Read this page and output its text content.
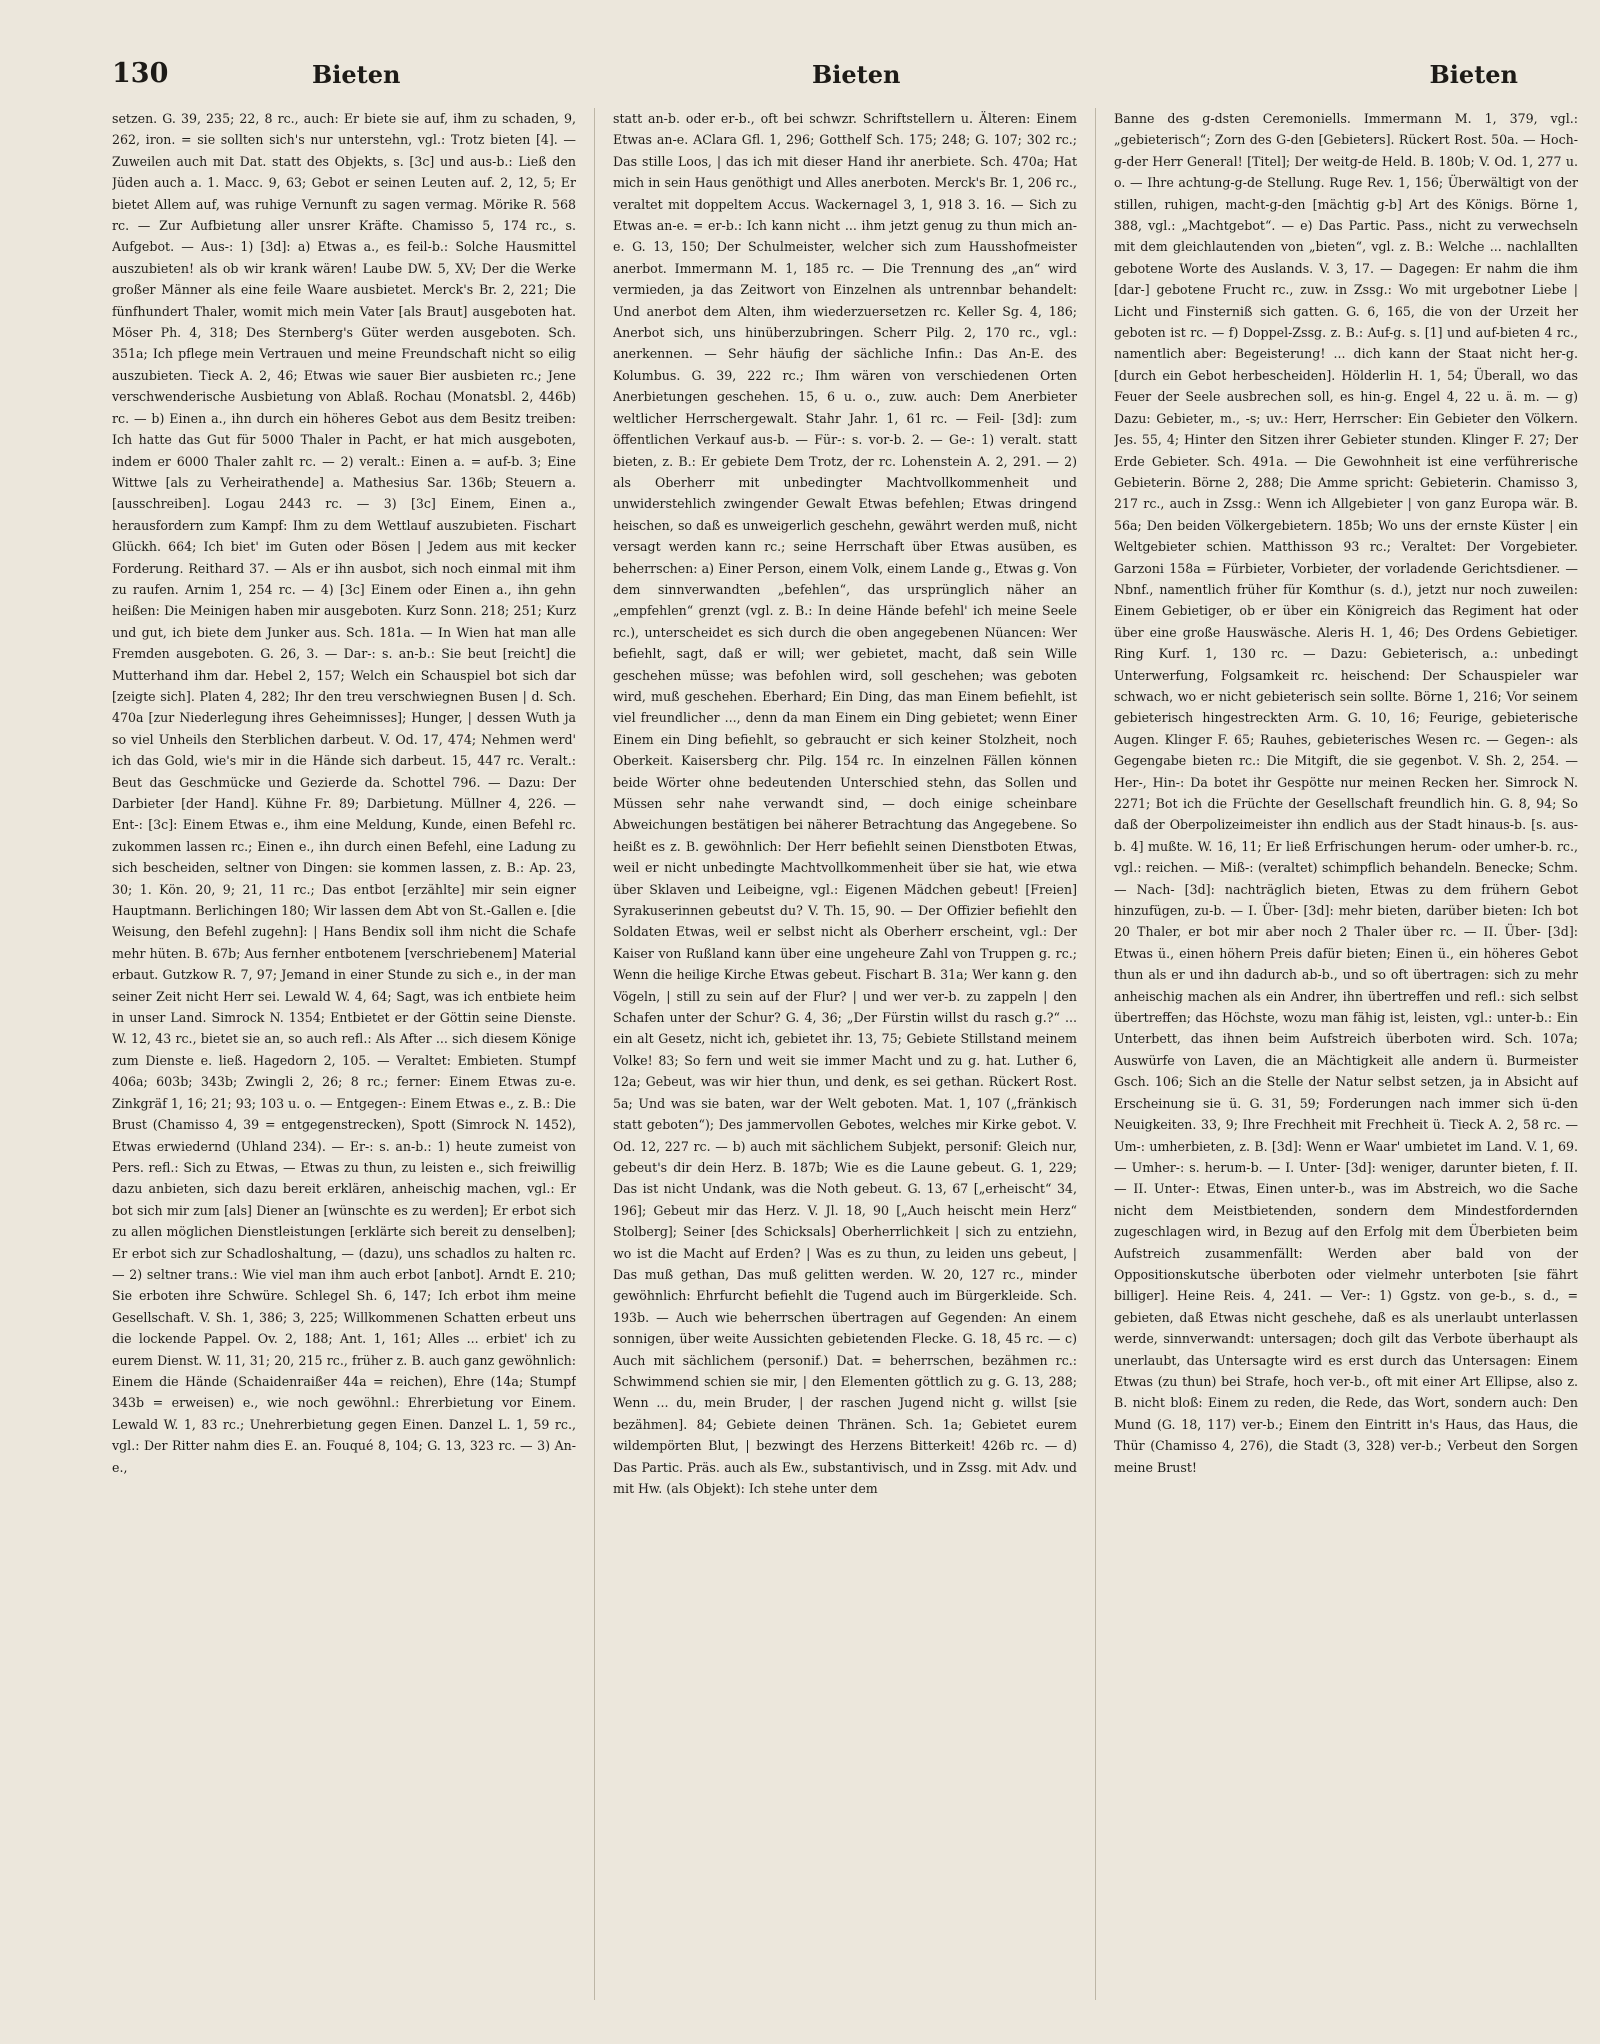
130	Bieten	Bieten	Bieten

setzen. G. 39, 235; 22, 8 rc., auch: Er biete sie auf, ihm zu schaden, 9, 262, iron. = sie sollten sich's nur unterstehn, vgl.: Trotz bieten [4]. — Zuweilen auch mit Dat. statt des Objekts, s. [3c] und aus-b.: Ließ den Jüden auch a. 1. Macc. 9, 63; Gebot er seinen Leuten auf. 2, 12, 5; Er bietet Allem auf, was ruhige Vernunft zu sagen vermag. Mörike R. 568 rc. — Zur Aufbietung aller unsrer Kräfte. Chamisso 5, 174 rc., s. Aufgebot. — Aus-: 1) [3d]: a) Etwas a., es feil-b.: Solche Hausmittel auszubieten! als ob wir krank wären! Laube DW. 5, XV; Der die Werke großer Männer als eine feile Waare ausbietet. Merck's Br. 2, 221; Die fünfhundert Thaler, womit mich mein Vater [als Braut] ausgeboten hat. Möser Ph. 4, 318; Des Sternberg's Güter werden ausgeboten. Sch. 351a; Ich pflege mein Vertrauen und meine Freundschaft nicht so eilig auszubieten. Tieck A. 2, 46; Etwas wie sauer Bier ausbieten rc.; Jene verschwenderische Ausbietung von Ablaß. Rochau (Monatsbl. 2, 446b) rc. — b) Einen a., ihn durch ein höheres Gebot aus dem Besitz treiben: Ich hatte das Gut für 5000 Thaler in Pacht, er hat mich ausgeboten, indem er 6000 Thaler zahlt rc. — 2) veralt.: Einen a. = auf-b. 3; Eine Wittwe [als zu Verheirathende] a. Mathesius Sar. 136b; Steuern a. [ausschreiben]. Logau 2443 rc. — 3) [3c] Einem, Einen a., herausfordern zum Kampf: Ihm zu dem Wettlauf auszubieten. Fischart Glückh. 664; Ich biet' im Guten oder Bösen | Jedem aus mit kecker Forderung. Reithard 37. — Als er ihn ausbot, sich noch einmal mit ihm zu raufen. Arnim 1, 254 rc. — 4) [3c] Einem oder Einen a., ihn gehn heißen: Die Meinigen haben mir ausgeboten. Kurz Sonn. 218; 251; Kurz und gut, ich biete dem Junker aus. Sch. 181a. — In Wien hat man alle Fremden ausgeboten. G. 26, 3. — Dar-: s. an-b.: Sie beut [reicht] die Mutterhand ihm dar. Hebel 2, 157; Welch ein Schauspiel bot sich dar [zeigte sich]. Platen 4, 282; Ihr den treu verschwiegnen Busen | d. Sch. 470a [zur Niederlegung ihres Geheimnisses]; Hunger, | dessen Wuth ja so viel Unheils den Sterblichen darbeut. V. Od. 17, 474; Nehmen werd' ich das Gold, wie's mir in die Hände sich darbeut. 15, 447 rc. Veralt.: Beut das Geschmücke und Gezierde da. Schottel 796. — Dazu: Der Darbieter [der Hand]. Kühne Fr. 89; Darbietung. Müllner 4, 226. — Ent-: [3c]: Einem Etwas e., ihm eine Meldung, Kunde, einen Befehl rc. zukommen lassen rc.; Einen e., ihn durch einen Befehl, eine Ladung zu sich bescheiden, seltner von Dingen: sie kommen lassen, z. B.: Ap. 23, 30; 1. Kön. 20, 9; 21, 11 rc.; Das entbot [erzählte] mir sein eigner Hauptmann. Berlichingen 180; Wir lassen dem Abt von St.-Gallen e. [die Weisung, den Befehl zugehn]: | Hans Bendix soll ihm nicht die Schafe mehr hüten. B. 67b; Aus fernher entbotenem [verschriebenem] Material erbaut. Gutzkow R. 7, 97; Jemand in einer Stunde zu sich e., in der man seiner Zeit nicht Herr sei. Lewald W. 4, 64; Sagt, was ich entbiete heim in unser Land. Simrock N. 1354; Entbietet er der Göttin seine Dienste. W. 12, 43 rc., bietet sie an, so auch refl.: Als After ... sich diesem Könige zum Dienste e. ließ. Hagedorn 2, 105. — Veraltet: Embieten. Stumpf 406a; 603b; 343b; Zwingli 2, 26; 8 rc.; ferner: Einem Etwas zu-e. Zinkgräf 1, 16; 21; 93; 103 u. o. — Entgegen-: Einem Etwas e., z. B.: Die Brust (Chamisso 4, 39 = entgegenstrecken), Spott (Simrock N. 1452), Etwas erwiedernd (Uhland 234). — Er-: s. an-b.: 1) heute zumeist von Pers. refl.: Sich zu Etwas, — Etwas zu thun, zu leisten e., sich freiwillig dazu anbieten, sich dazu bereit erklären, anheischig machen, vgl.: Er bot sich mir zum [als] Diener an [wünschte es zu werden]; Er erbot sich zu allen möglichen Dienstleistungen [erklärte sich bereit zu denselben]; Er erbot sich zur Schadloshaltung, — (dazu), uns schadlos zu halten rc. — 2) seltner trans.: Wie viel man ihm auch erbot [anbot]. Arndt E. 210; Sie erboten ihre Schwüre. Schlegel Sh. 6, 147; Ich erbot ihm meine Gesellschaft. V. Sh. 1, 386; 3, 225; Willkommenen Schatten erbeut uns die lockende Pappel. Ov. 2, 188; Ant. 1, 161; Alles ... erbiet' ich zu eurem Dienst. W. 11, 31; 20, 215 rc., früher z. B. auch ganz gewöhnlich: Einem die Hände (Schaidenraißer 44a = reichen), Ehre (14a; Stumpf 343b = erweisen) e., wie noch gewöhnl.: Ehrerbietung vor Einem. Lewald W. 1, 83 rc.; Unehrerbietung gegen Einen. Danzel L. 1, 59 rc., vgl.: Der Ritter nahm dies E. an. Fouqué 8, 104; G. 13, 323 rc. — 3) An-e.,

statt an-b. oder er-b., oft bei schwzr. Schriftstellern u. Älteren: Einem Etwas an-e. AClara Gfl. 1, 296; Gotthelf Sch. 175; 248; G. 107; 302 rc.; Das stille Loos, | das ich mit dieser Hand ihr anerbiete. Sch. 470a; Hat mich in sein Haus genöthigt und Alles anerboten. Merck's Br. 1, 206 rc., veraltet mit doppeltem Accus. Wackernagel 3, 1, 918 3. 16. — Sich zu Etwas an-e. = er-b.: Ich kann nicht ... ihm jetzt genug zu thun mich an-e. G. 13, 150; Der Schulmeister, welcher sich zum Hausshofmeister anerbot. Immermann M. 1, 185 rc. — Die Trennung des „an“ wird vermieden, ja das Zeitwort von Einzelnen als untrennbar behandelt: Und anerbot dem Alten, ihm wiederzuersetzen rc. Keller Sg. 4, 186; Anerbot sich, uns hinüberzubringen. Scherr Pilg. 2, 170 rc., vgl.: anerkennen. — Sehr häufig der sächliche Infin.: Das An-E. des Kolumbus. G. 39, 222 rc.; Ihm wären von verschiedenen Orten Anerbietungen geschehen. 15, 6 u. o., zuw. auch: Dem Anerbieter weltlicher Herrschergewalt. Stahr Jahr. 1, 61 rc. — Feil- [3d]: zum öffentlichen Verkauf aus-b. — Für-: s. vor-b. 2. — Ge-: 1) veralt. statt bieten, z. B.: Er gebiete Dem Trotz, der rc. Lohenstein A. 2, 291. — 2) als Oberherr mit unbedingter Machtvollkommenheit und unwiderstehlich zwingender Gewalt Etwas befehlen; Etwas dringend heischen, so daß es unweigerlich geschehn, gewährt werden muß, nicht versagt werden kann rc.; seine Herrschaft über Etwas ausüben, es beherrschen: a) Einer Person, einem Volk, einem Lande g., Etwas g. Von dem sinnverwandten „befehlen“, das ursprünglich näher an „empfehlen“ grenzt (vgl. z. B.: In deine Hände befehl' ich meine Seele rc.), unterscheidet es sich durch die oben angegebenen Nüancen: Wer befiehlt, sagt, daß er will; wer gebietet, macht, daß sein Wille geschehen müsse; was befohlen wird, soll geschehen; was geboten wird, muß geschehen. Eberhard; Ein Ding, das man Einem befiehlt, ist viel freundlicher ..., denn da man Einem ein Ding gebietet; wenn Einer Einem ein Ding befiehlt, so gebraucht er sich keiner Stolzheit, noch Oberkeit. Kaisersberg chr. Pilg. 154 rc. In einzelnen Fällen können beide Wörter ohne bedeutenden Unterschied stehn, das Sollen und Müssen sehr nahe verwandt sind, — doch einige scheinbare Abweichungen bestätigen bei näherer Betrachtung das Angegebene. So heißt es z. B. gewöhnlich: Der Herr befiehlt seinen Dienstboten Etwas, weil er nicht unbedingte Machtvollkommenheit über sie hat, wie etwa über Sklaven und Leibeigne, vgl.: Eigenen Mädchen gebeut! [Freien] Syrakuserinnen gebeutst du? V. Th. 15, 90. — Der Offizier befiehlt den Soldaten Etwas, weil er selbst nicht als Oberherr erscheint, vgl.: Der Kaiser von Rußland kann über eine ungeheure Zahl von Truppen g. rc.; Wenn die heilige Kirche Etwas gebeut. Fischart B. 31a; Wer kann g. den Vögeln, | still zu sein auf der Flur? | und wer ver-b. zu zappeln | den Schafen unter der Schur? G. 4, 36; „Der Fürstin willst du rasch g.?“ ... ein alt Gesetz, nicht ich, gebietet ihr. 13, 75; Gebiete Stillstand meinem Volke! 83; So fern und weit sie immer Macht und zu g. hat. Luther 6, 12a; Gebeut, was wir hier thun, und denk, es sei gethan. Rückert Rost. 5a; Und was sie baten, war der Welt geboten. Mat. 1, 107 („fränkisch statt geboten“); Des jammervollen Gebotes, welches mir Kirke gebot. V. Od. 12, 227 rc. — b) auch mit sächlichem Subjekt, personif: Gleich nur, gebeut's dir dein Herz. B. 187b; Wie es die Laune gebeut. G. 1, 229; Das ist nicht Undank, was die Noth gebeut. G. 13, 67 [„erheischt“ 34, 196]; Gebeut mir das Herz. V. Jl. 18, 90 [„Auch heischt mein Herz“ Stolberg]; Seiner [des Schicksals] Oberherrlichkeit | sich zu entziehn, wo ist die Macht auf Erden? | Was es zu thun, zu leiden uns gebeut, | Das muß gethan, Das muß gelitten werden. W. 20, 127 rc., minder gewöhnlich: Ehrfurcht befiehlt die Tugend auch im Bürgerkleide. Sch. 193b. — Auch wie beherrschen übertragen auf Gegenden: An einem sonnigen, über weite Aussichten gebietenden Flecke. G. 18, 45 rc. — c) Auch mit sächlichem (personif.) Dat. = beherrschen, bezähmen rc.: Schwimmend schien sie mir, | den Elementen göttlich zu g. G. 13, 288; Wenn ... du, mein Bruder, | der raschen Jugend nicht g. willst [sie bezähmen]. 84; Gebiete deinen Thränen. Sch. 1a; Gebietet eurem wildempörten Blut, | bezwingt des Herzens Bitterkeit! 426b rc. — d) Das Partic. Präs. auch als Ew., substantivisch, und in Zssg. mit Adv. und mit Hw. (als Objekt): Ich stehe unter dem

Banne des g-dsten Ceremoniells. Immermann M. 1, 379, vgl.: „gebieterisch“; Zorn des G-den [Gebieters]. Rückert Rost. 50a. — Hoch-g-der Herr General! [Titel]; Der weitg-de Held. B. 180b; V. Od. 1, 277 u. o. — Ihre achtung-g-de Stellung. Ruge Rev. 1, 156; Überwältigt von der stillen, ruhigen, macht-g-den [mächtig g-b] Art des Königs. Börne 1, 388, vgl.: „Machtgebot“. — e) Das Partic. Pass., nicht zu verwechseln mit dem gleichlautenden von „bieten“, vgl. z. B.: Welche ... nachlallten gebotene Worte des Auslands. V. 3, 17. — Dagegen: Er nahm die ihm [dar-] gebotene Frucht rc., zuw. in Zssg.: Wo mit urgebotner Liebe | Licht und Finsterniß sich gatten. G. 6, 165, die von der Urzeit her geboten ist rc. — f) Doppel-Zssg. z. B.: Auf-g. s. [1] und auf-bieten 4 rc., namentlich aber: Begeisterung! ... dich kann der Staat nicht her-g. [durch ein Gebot herbescheiden]. Hölderlin H. 1, 54; Überall, wo das Feuer der Seele ausbrechen soll, es hin-g. Engel 4, 22 u. ä. m. — g) Dazu: Gebieter, m., -s; uv.: Herr, Herrscher: Ein Gebieter den Völkern. Jes. 55, 4; Hinter den Sitzen ihrer Gebieter stunden. Klinger F. 27; Der Erde Gebieter. Sch. 491a. — Die Gewohnheit ist eine verführerische Gebieterin. Börne 2, 288; Die Amme spricht: Gebieterin. Chamisso 3, 217 rc., auch in Zssg.: Wenn ich Allgebieter | von ganz Europa wär. B. 56a; Den beiden Völkergebietern. 185b; Wo uns der ernste Küster | ein Weltgebieter schien. Matthisson 93 rc.; Veraltet: Der Vorgebieter. Garzoni 158a = Fürbieter, Vorbieter, der vorladende Gerichtsdiener. — Nbnf., namentlich früher für Komthur (s. d.), jetzt nur noch zuweilen: Einem Gebietiger, ob er über ein Königreich das Regiment hat oder über eine große Hauswäsche. Aleris H. 1, 46; Des Ordens Gebietiger. Ring Kurf. 1, 130 rc. — Dazu: Gebieterisch, a.: unbedingt Unterwerfung, Folgsamkeit rc. heischend: Der Schauspieler war schwach, wo er nicht gebieterisch sein sollte. Börne 1, 216; Vor seinem gebieterisch hingestreckten Arm. G. 10, 16; Feurige, gebieterische Augen. Klinger F. 65; Rauhes, gebieterisches Wesen rc. — Gegen-: als Gegengabe bieten rc.: Die Mitgift, die sie gegenbot. V. Sh. 2, 254. — Her-, Hin-: Da botet ihr Gespötte nur meinen Recken her. Simrock N. 2271; Bot ich die Früchte der Gesellschaft freundlich hin. G. 8, 94; So daß der Oberpolizeimeister ihn endlich aus der Stadt hinaus-b. [s. aus-b. 4] mußte. W. 16, 11; Er ließ Erfrischungen herum- oder umher-b. rc., vgl.: reichen. — Miß-: (veraltet) schimpflich behandeln. Benecke; Schm. — Nach- [3d]: nachträglich bieten, Etwas zu dem frühern Gebot hinzufügen, zu-b. — I. Über- [3d]: mehr bieten, darüber bieten: Ich bot 20 Thaler, er bot mir aber noch 2 Thaler über rc. — II. Über- [3d]: Etwas ü., einen höhern Preis dafür bieten; Einen ü., ein höheres Gebot thun als er und ihn dadurch ab-b., und so oft übertragen: sich zu mehr anheischig machen als ein Andrer, ihn übertreffen und refl.: sich selbst übertreffen; das Höchste, wozu man fähig ist, leisten, vgl.: unter-b.: Ein Unterbett, das ihnen beim Aufstreich überboten wird. Sch. 107a; Auswürfe von Laven, die an Mächtigkeit alle andern ü. Burmeister Gsch. 106; Sich an die Stelle der Natur selbst setzen, ja in Absicht auf Erscheinung sie ü. G. 31, 59; Forderungen nach immer sich ü-den Neuigkeiten. 33, 9; Ihre Frechheit mit Frechheit ü. Tieck A. 2, 58 rc. — Um-: umherbieten, z. B. [3d]: Wenn er Waar' umbietet im Land. V. 1, 69. — Umher-: s. herum-b. — I. Unter- [3d]: weniger, darunter bieten, f. II. — II. Unter-: Etwas, Einen unter-b., was im Abstreich, wo die Sache nicht dem Meistbietenden, sondern dem Mindestfordernden zugeschlagen wird, in Bezug auf den Erfolg mit dem Überbieten beim Aufstreich zusammenfällt: Werden aber bald von der Oppositionskutsche überboten oder vielmehr unterboten [sie fährt billiger]. Heine Reis. 4, 241. — Ver-: 1) Ggstz. von ge-b., s. d., = gebieten, daß Etwas nicht geschehe, daß es als unerlaubt unterlassen werde, sinnverwandt: untersagen; doch gilt das Verbote überhaupt als unerlaubt, das Untersagte wird es erst durch das Untersagen: Einem Etwas (zu thun) bei Strafe, hoch ver-b., oft mit einer Art Ellipse, also z. B. nicht bloß: Einem zu reden, die Rede, das Wort, sondern auch: Den Mund (G. 18, 117) ver-b.; Einem den Eintritt in's Haus, das Haus, die Thür (Chamisso 4, 276), die Stadt (3, 328) ver-b.; Verbeut den Sorgen meine Brust!
